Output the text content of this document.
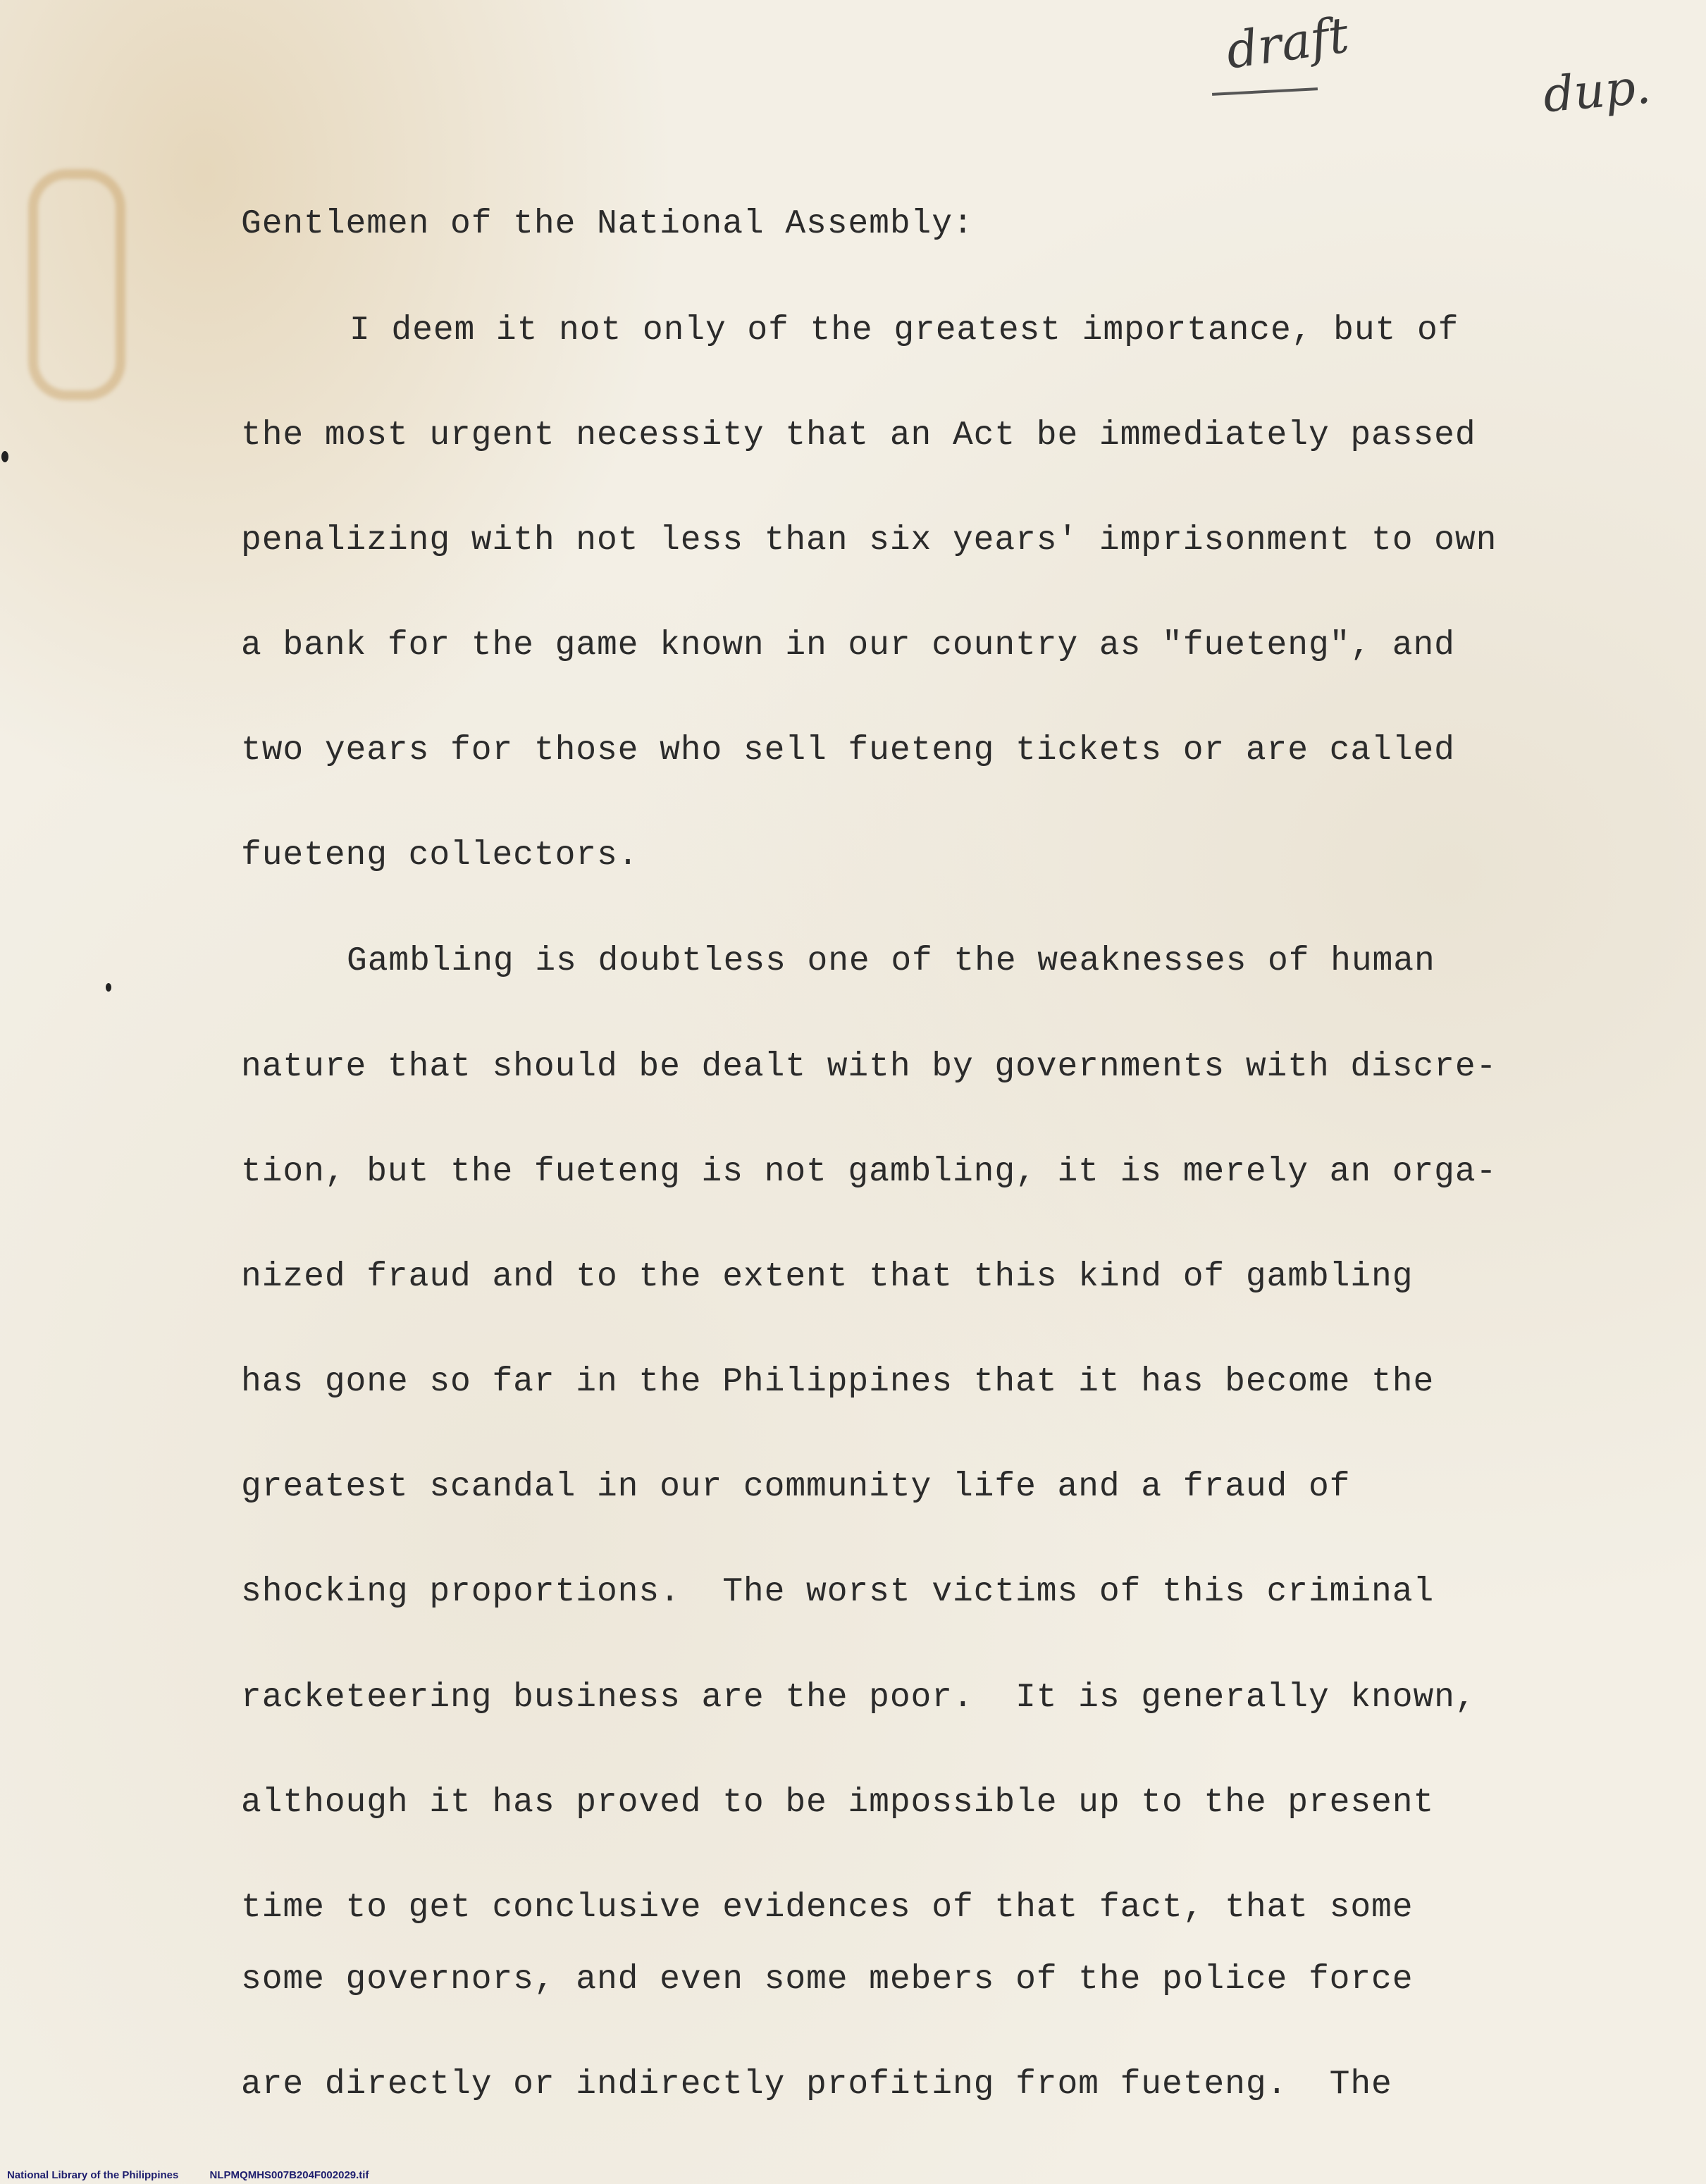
draft
dup.

Gentlemen of the National Assembly:

I deem it not only of the greatest importance, but of

the most urgent necessity that an Act be immediately passed

penalizing with not less than six years' imprisonment to own

a bank for the game known in our country as "fueteng", and

two years for those who sell fueteng tickets or are called

fueteng collectors.

Gambling is doubtless one of the weaknesses of human

nature that should be dealt with by governments with discre-

tion, but the fueteng is not gambling, it is merely an orga-

nized fraud and to the extent that this kind of gambling

has gone so far in the Philippines that it has become the

greatest scandal in our community life and a fraud of

shocking proportions.  The worst victims of this criminal

racketeering business are the poor.  It is generally known,

although it has proved to be impossible up to the present

time to get conclusive evidences of that fact, that some

some governors, and even some mebers of the police force

are directly or indirectly profiting from fueteng.  The

National Library of the Philippines	NLPMQMHS007B204F002029.tif
